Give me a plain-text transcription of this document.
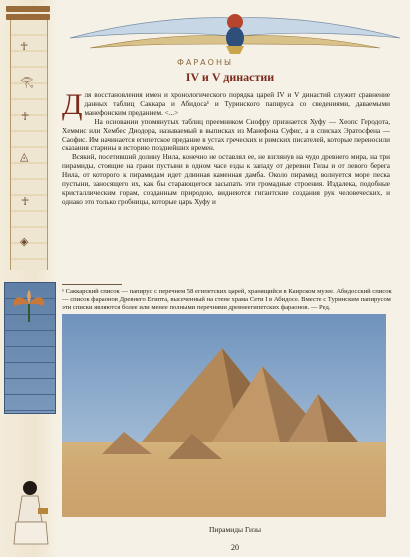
☥
𓂀
☥
◬
☥
◈
ФАРАОНЫ
IV и V династии
Д ля восстановления имен и хронологического порядка царей IV и V династий служит сравнение данных таблиц Саккара и Абидоса¹ и Туринского папируса со сведениями, даваемыми манефонским преданием. <...>

На основании упомянутых таблиц преемником Снофру признается Хуфу — Хеопс Геродота, Хеммис или Хембес Диодора, называемый в выписках из Манефона Суфис, а в списках Эратосфена — Саофис. Им начинается египетское предание в устах греческих и римских писателей, которые переносили сказания старины в историю позднейших времен.

Всякий, посетивший долину Нила, конечно не оставлял ее, не взглянув на чудо древнего мира, на три пирамиды, стоящие на грани пустыни в одном часе езды к западу от деревни Гизы и от левого берега Нила, от которого к пирамидам идет длинная каменная дамба. Около пирамид волнуется море песка пустыни, заносящего их, как бы старающегося засыпать эти громадные строения. Издалека, подобные кристаллическим горам, созданным природою, виднеются гигантские создания рук человеческих, и однако это только гробницы, которые царь Хуфу и

¹ Саккарский список — папирус с перечнем 58 египетских царей, хранящийся в Каирском музее. Абидосский список — список фараонов Древнего Египта, высеченный на стене храма Сети I в Абидосе. Вместе с Туринским папирусом эти списки являются более или менее полными перечнями древнеегипетских фараонов. — Ред.
Пирамиды Гизы
20
